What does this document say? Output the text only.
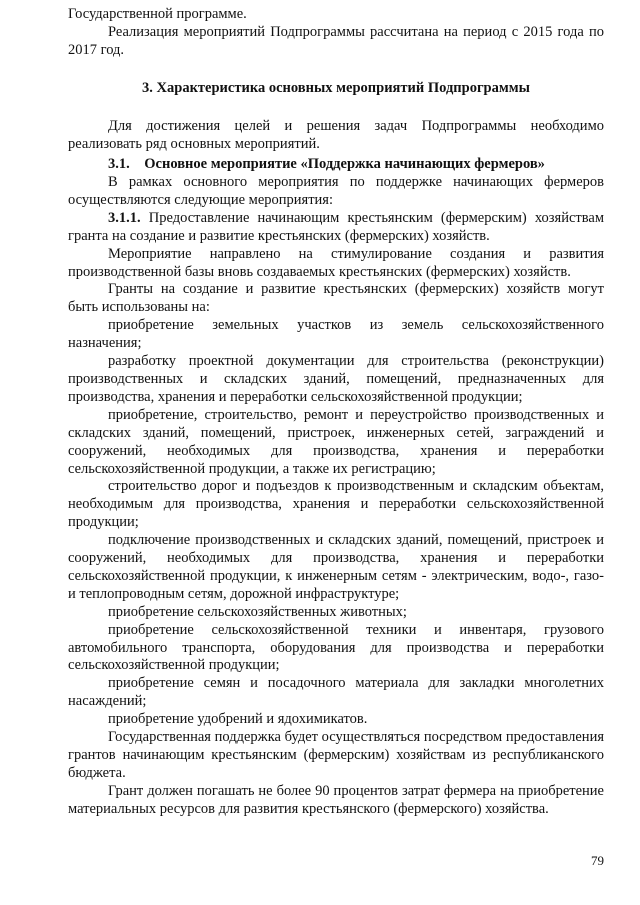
Государственной программе.

Реализация мероприятий Подпрограммы рассчитана на период с 2015 года по 2017 год.

3. Характеристика основных мероприятий Подпрограммы

Для достижения целей и решения задач Подпрограммы необходимо реализовать ряд основных мероприятий.

3.1. Основное мероприятие «Поддержка начинающих фермеров»

В рамках основного мероприятия по поддержке начинающих фермеров осуществляются следующие мероприятия:

3.1.1. Предоставление начинающим крестьянским (фермерским) хозяйствам гранта на создание и развитие крестьянских (фермерских) хозяйств.

Мероприятие направлено на стимулирование создания и развития производственной базы вновь создаваемых крестьянских (фермерских) хозяйств.

Гранты на создание и развитие крестьянских (фермерских) хозяйств могут быть использованы на:

приобретение земельных участков из земель сельскохозяйственного назначения;

разработку проектной документации для строительства (реконструкции) производственных и складских зданий, помещений, предназначенных для производства, хранения и переработки сельскохозяйственной продукции;

приобретение, строительство, ремонт и переустройство производственных и складских зданий, помещений, пристроек, инженерных сетей, заграждений и сооружений, необходимых для производства, хранения и переработки сельскохозяйственной продукции, а также их регистрацию;

строительство дорог и подъездов к производственным и складским объектам, необходимым для производства, хранения и переработки сельскохозяйственной продукции;

подключение производственных и складских зданий, помещений, пристроек и сооружений, необходимых для производства, хранения и переработки сельскохозяйственной продукции, к инженерным сетям - электрическим, водо-, газо- и теплопроводным сетям, дорожной инфраструктуре;

приобретение сельскохозяйственных животных;

приобретение сельскохозяйственной техники и инвентаря, грузового автомобильного транспорта, оборудования для производства и переработки сельскохозяйственной продукции;

приобретение семян и посадочного материала для закладки многолетних насаждений;

приобретение удобрений и ядохимикатов.

Государственная поддержка будет осуществляться посредством предоставления грантов начинающим крестьянским (фермерским) хозяйствам из республиканского бюджета.

Грант должен погашать не более 90 процентов затрат фермера на приобретение материальных ресурсов для развития крестьянского (фермерского) хозяйства.

79
